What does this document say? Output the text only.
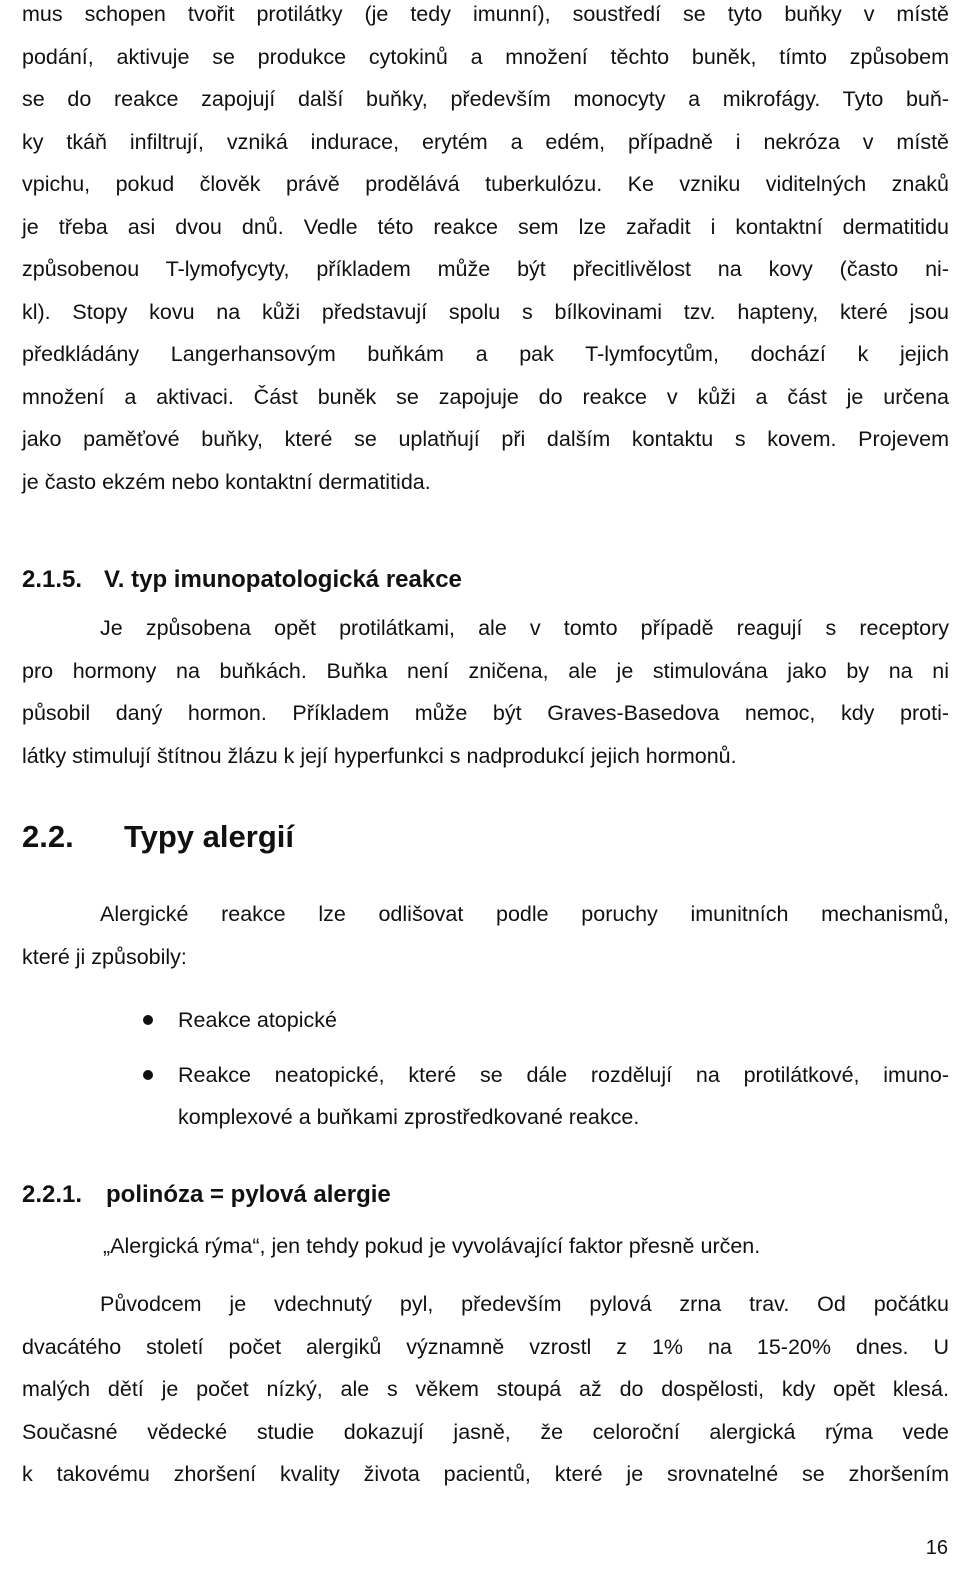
mus schopen tvořit protilátky (je tedy imunní), soustředí se tyto buňky v místě
podání, aktivuje se produkce cytokinů a množení těchto buněk, tímto způsobem
se do reakce zapojují další buňky, především monocyty a mikrofágy. Tyto buň-
ky tkáň infiltrují, vzniká indurace, erytém a edém, případně i nekróza v místě
vpichu, pokud člověk právě prodělává tuberkulózu. Ke vzniku viditelných znaků
je třeba asi dvou dnů. Vedle této reakce sem lze zařadit i kontaktní dermatitidu
způsobenou T-lymofycyty, příkladem může být přecitlivělost na kovy (často ni-
kl). Stopy kovu na kůži představují spolu s bílkovinami tzv. hapteny, které jsou
předkládány Langerhansovým buňkám a pak T-lymfocytům, dochází k jejich
množení a aktivaci. Část buněk se zapojuje do reakce v kůži a část je určena
jako paměťové buňky, které se uplatňují při dalším kontaktu s kovem. Projevem
je často ekzém nebo kontaktní dermatitida.
2.1.5. V. typ imunopatologická reakce
Je způsobena opět protilátkami, ale v tomto případě reagují s receptory
pro hormony na buňkách. Buňka není zničena, ale je stimulována jako by na ni
působil daný hormon. Příkladem může být Graves-Basedova nemoc, kdy proti-
látky stimulují štítnou žlázu k její hyperfunkci s nadprodukcí jejich hormonů.
2.2. Typy alergií
Alergické reakce lze odlišovat podle poruchy imunitních mechanismů,
které ji způsobily:
Reakce atopické
Reakce neatopické, které se dále rozdělují na protilátkové, imuno-
komplexové a buňkami zprostředkované reakce.
2.2.1. polinóza = pylová alergie
„Alergická rýma“, jen tehdy pokud je vyvolávající faktor přesně určen.
Původcem je vdechnutý pyl, především pylová zrna trav. Od počátku
dvacátého století počet alergiků významně vzrostl z 1% na 15-20% dnes. U
malých dětí je počet nízký, ale s věkem stoupá až do dospělosti, kdy opět klesá.
Současné vědecké studie dokazují jasně, že celoroční alergická rýma vede
k takovému zhoršení kvality života pacientů, které je srovnatelné se zhoršením
16
